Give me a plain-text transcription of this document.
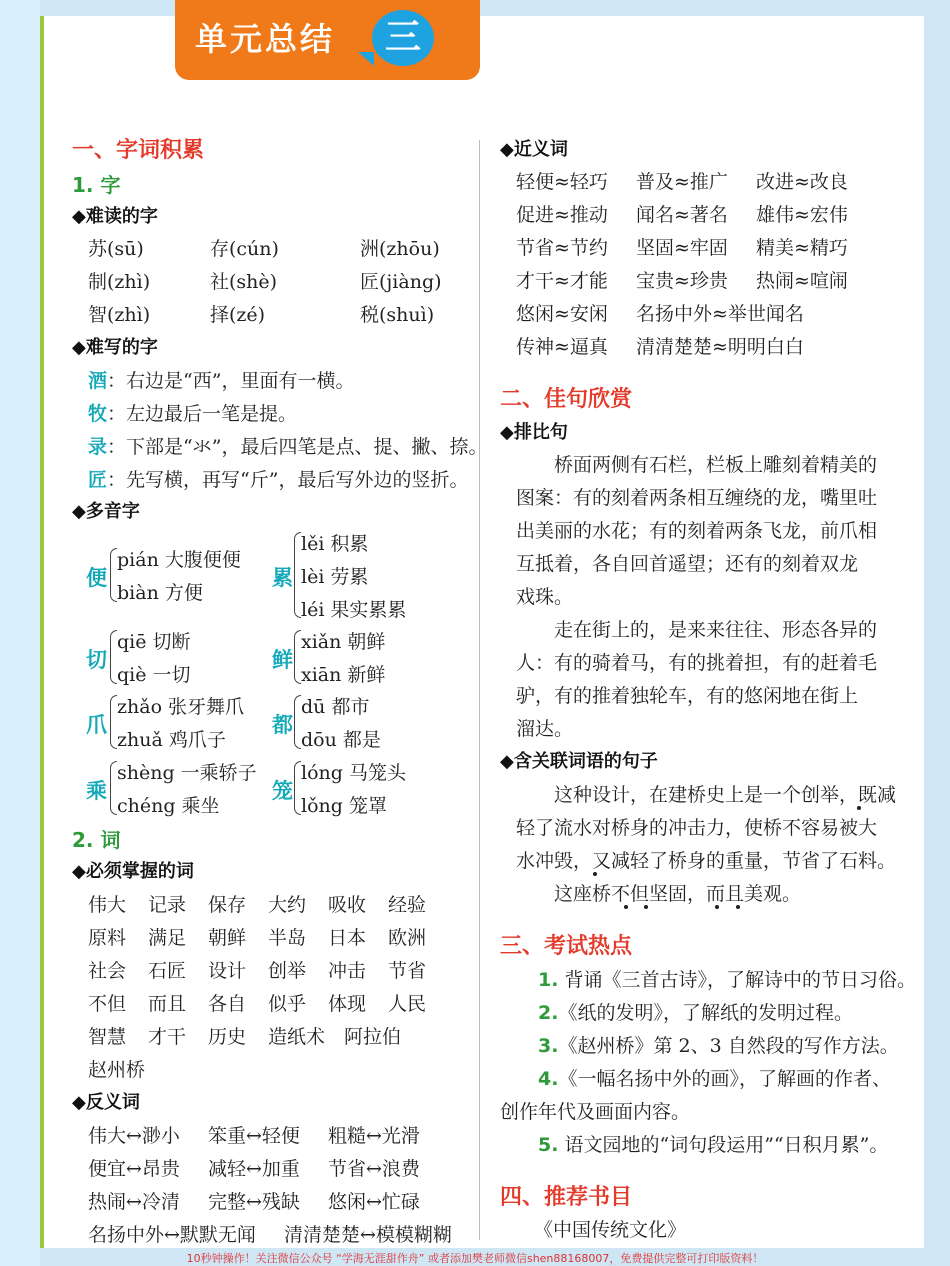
单元总结	三
一、字词积累
1. 字
◆难读的字
苏(sū)	存(cún)	洲(zhōu)
制(zhì)	社(shè)	匠(jiàng)
智(zhì)	择(zé)	税(shuì)
◆难写的字
酒：右边是“西”，里面有一横。
牧：左边最后一笔是提。
录：下部是“氺”，最后四笔是点、提、撇、捺。
匠：先写横，再写“斤”，最后写外边的竖折。
◆多音字
便
pián 大腹便便
biàn 方便
累
lěi 积累
lèi 劳累
léi 果实累累
切
qiē 切断
qiè 一切
鲜
xiǎn 朝鲜
xiān 新鲜
爪
zhǎo 张牙舞爪
zhuǎ 鸡爪子
都
dū 都市
dōu 都是
乘
shèng 一乘轿子
chéng 乘坐
笼
lóng 马笼头
lǒng 笼罩
2. 词
◆必须掌握的词
伟大 记录 保存 大约 吸收 经验
原料 满足 朝鲜 半岛 日本 欧洲
社会 石匠 设计 创举 冲击 节省
不但 而且 各自 似乎 体现 人民
智慧 才干 历史 造纸术 阿拉伯
赵州桥
◆反义词
伟大↔渺小 笨重↔轻便 粗糙↔光滑
便宜↔昂贵 减轻↔加重 节省↔浪费
热闹↔冷清 完整↔残缺 悠闲↔忙碌
名扬中外↔默默无闻 清清楚楚↔模模糊糊
◆近义词
轻便≈轻巧 普及≈推广 改进≈改良
促进≈推动 闻名≈著名 雄伟≈宏伟
节省≈节约 坚固≈牢固 精美≈精巧
才干≈才能 宝贵≈珍贵 热闹≈喧闹
悠闲≈安闲 名扬中外≈举世闻名
传神≈逼真 清清楚楚≈明明白白
二、佳句欣赏
◆排比句
　　桥面两侧有石栏，栏板上雕刻着精美的
图案：有的刻着两条相互缠绕的龙，嘴里吐
出美丽的水花；有的刻着两条飞龙，前爪相
互抵着，各自回首遥望；还有的刻着双龙
戏珠。
　　走在街上的，是来来往往、形态各异的
人：有的骑着马，有的挑着担，有的赶着毛
驴，有的推着独轮车，有的悠闲地在街上
溜达。
◆含关联词语的句子
　　这种设计，在建桥史上是一个创举，既减
轻了流水对桥身的冲击力，使桥不容易被大
水冲毁，又减轻了桥身的重量，节省了石料。
　　这座桥不但坚固，而且美观。
三、考试热点
1. 背诵《三首古诗》，了解诗中的节日习俗。
2.《纸的发明》，了解纸的发明过程。
3.《赵州桥》第 2、3 自然段的写作方法。
4.《一幅名扬中外的画》，了解画的作者、
创作年代及画面内容。
5. 语文园地的“词句段运用”“日积月累”。
四、推荐书目
《中国传统文化》
10秒钟操作！关注微信公众号 “学海无涯甜作舟” 或者添加樊老师微信shen88168007，免费提供完整可打印版资料！
